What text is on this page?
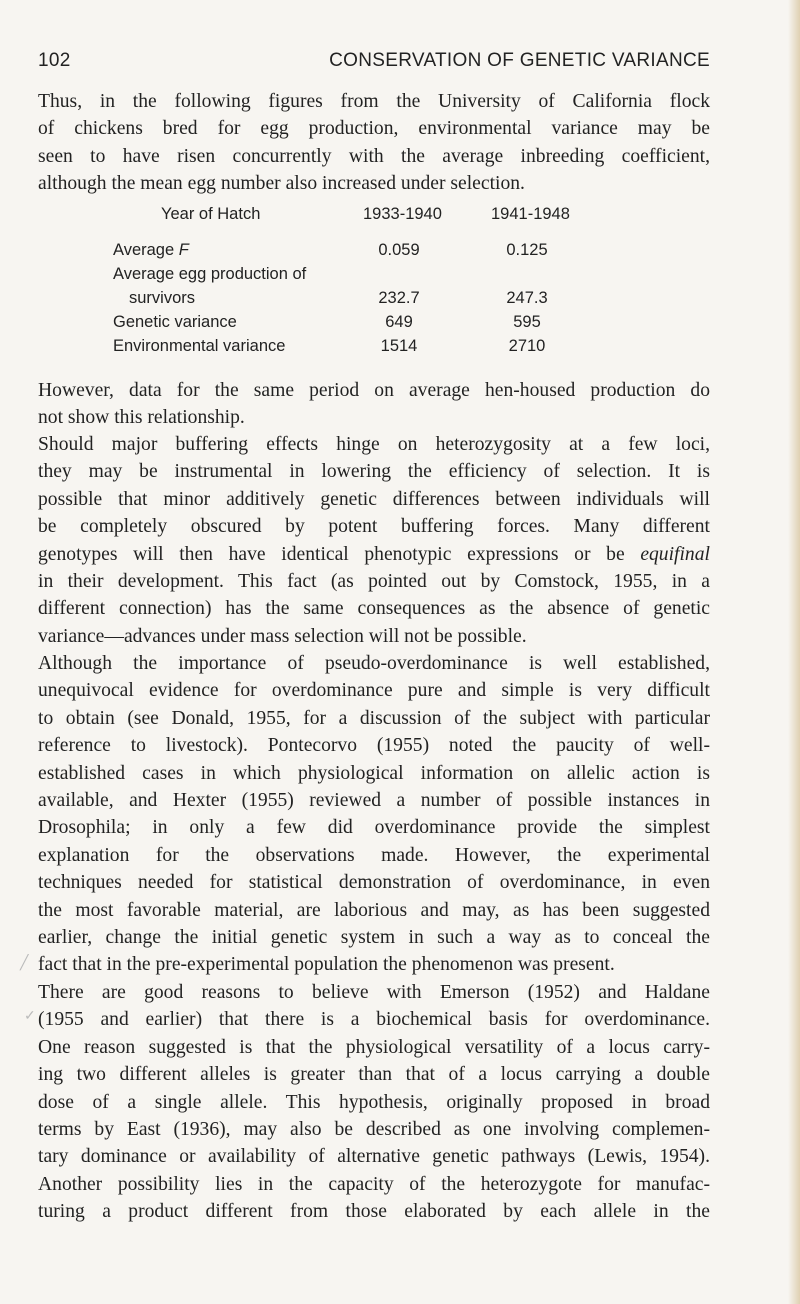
102	CONSERVATION OF GENETIC VARIANCE
Thus, in the following figures from the University of California flock
of chickens bred for egg production, environmental variance may be
seen to have risen concurrently with the average inbreeding coefficient,
although the mean egg number also increased under selection.
Year of Hatch	1933-1940	1941-1948
Average F	0.059	0.125
Average egg production of
survivors	232.7	247.3
Genetic variance	649	595
Environmental variance	1514	2710
However, data for the same period on average hen-housed production do
not show this relationship.
Should major buffering effects hinge on heterozygosity at a few loci,
they may be instrumental in lowering the efficiency of selection. It is
possible that minor additively genetic differences between individuals will
be completely obscured by potent buffering forces. Many different
genotypes will then have identical phenotypic expressions or be equifinal
in their development. This fact (as pointed out by Comstock, 1955, in a
different connection) has the same consequences as the absence of genetic
variance—advances under mass selection will not be possible.
Although the importance of pseudo-overdominance is well established,
unequivocal evidence for overdominance pure and simple is very difficult
to obtain (see Donald, 1955, for a discussion of the subject with particular
reference to livestock). Pontecorvo (1955) noted the paucity of well-
established cases in which physiological information on allelic action is
available, and Hexter (1955) reviewed a number of possible instances in
Drosophila; in only a few did overdominance provide the simplest
explanation for the observations made. However, the experimental
techniques needed for statistical demonstration of overdominance, in even
the most favorable material, are laborious and may, as has been suggested
earlier, change the initial genetic system in such a way as to conceal the
fact that in the pre-experimental population the phenomenon was present.
There are good reasons to believe with Emerson (1952) and Haldane
(1955 and earlier) that there is a biochemical basis for overdominance.
One reason suggested is that the physiological versatility of a locus carry-
ing two different alleles is greater than that of a locus carrying a double
dose of a single allele. This hypothesis, originally proposed in broad
terms by East (1936), may also be described as one involving complemen-
tary dominance or availability of alternative genetic pathways (Lewis, 1954).
Another possibility lies in the capacity of the heterozygote for manufac-
turing a product different from those elaborated by each allele in the
╱
✓
